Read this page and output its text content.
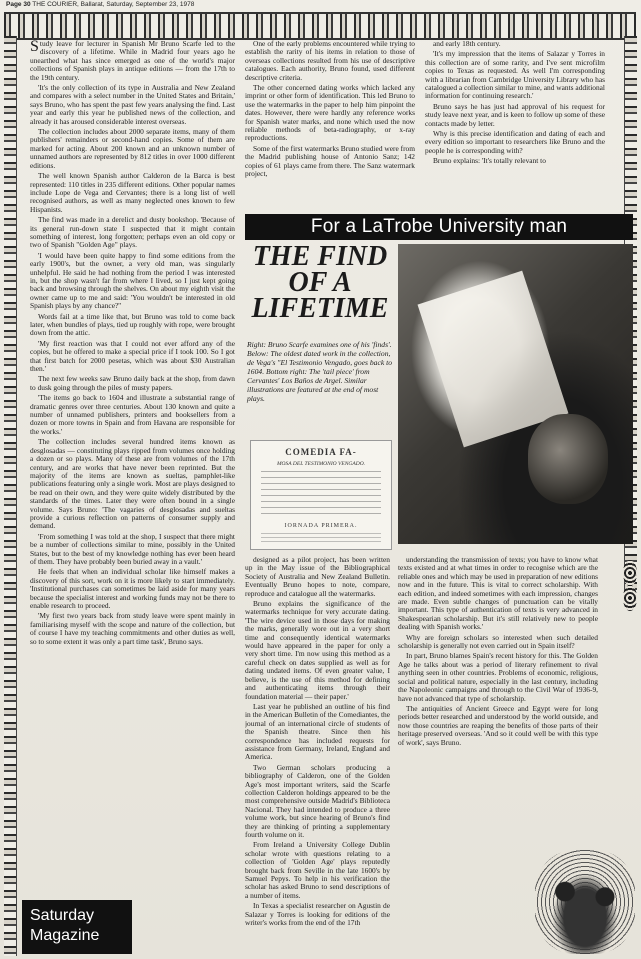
Page 30 THE COURIER, Ballarat, Saturday, September 23, 1978

Study leave for lecturer in Spanish Mr Bruno Scarfe led to the discovery of a lifetime. While in Madrid four years ago he unearthed what has since emerged as one of the world's major collections of Spanish plays in antique editions — from the 17th to the 19th century.

'It's the only collection of its type in Australia and New Zealand and compares with a select number in the United States and Britain,' says Bruno, who has spent the past few years analysing the find. Last year and early this year he published news of the collection, and already it has aroused considerable interest overseas.

The collection includes about 2000 separate items, many of them publishers' remainders or second-hand copies. Some of them are marked for acting. About 200 known and an unknown number of unnamed authors are represented by 812 titles in over 1000 different editions.

The well known Spanish author Calderon de la Barca is best represented: 110 titles in 235 different editions. Other popular names include Lope de Vega and Cervantes; there is a long list of well recognised authors, as well as many neglected ones known to few Hispanists.

The find was made in a derelict and dusty bookshop. 'Because of its general run-down state I suspected that it might contain something of interest, long forgotten; perhaps even an old copy or two of Spanish "Golden Age" plays.

'I would have been quite happy to find some editions from the early 1900's, but the owner, a very old man, was singularly unhelpful. He said he had nothing from the period I was interested in, but the shop wasn't far from where I lived, so I just kept going back and browsing through the shelves. On about my eighth visit the owner came up to me and said: 'You wouldn't be interested in old Spanish plays by any chance?''

Words fail at a time like that, but Bruno was told to come back later, when bundles of plays, tied up roughly with rope, were brought down from the attic.

'My first reaction was that I could not ever afford any of the copies, but he offered to make a special price if I took 100. So I got that first batch for 2000 pesetas, which was about $30 Australian then.'

The next few weeks saw Bruno daily back at the shop, from dawn to dusk going through the piles of musty papers.

'The items go back to 1604 and illustrate a substantial range of dramatic genres over three centuries. About 130 known and quite a number of unnamed publishers, printers and booksellers from a dozen or more towns in Spain and from Havana are responsible for the works.'

The collection includes several hundred items known as desglosadas — constituting plays ripped from volumes once holding a dozen or so plays. Many of these are from volumes of the 17th century, and are works that have never been reprinted. But the majority of the items are known as sueltas, pamphlet-like publications featuring only a single work. Most are plays designed to be read on their own, and they were quite widely distributed by the standards of the times. Later they were often bound in a single volume. Says Bruno: 'The vagaries of desglosadas and sueltas provide a curious reflection on patterns of consumer supply and demand.

'From something I was told at the shop, I suspect that there might be a number of collections similar to mine, possibly in the United States, but to the best of my knowledge nothing has ever been heard of them. They have probably been buried away in a vault.'

He feels that when an individual scholar like himself makes a discovery of this sort, work on it is more likely to start immediately. 'Institutional purchases can sometimes be laid aside for many years because the specialist interest and working funds may not be there to enable research to proceed.

'My first two years back from study leave were spent mainly in familiarising myself with the scope and nature of the collection, but of course I have my teaching commitments and other duties as well, so to some extent it was only a part time task', Bruno says.

One of the early problems encountered while trying to establish the rarity of his items in relation to those of overseas collections resulted from his use of descriptive catalogues. Each authority, Bruno found, used different descriptive criteria.

The other concerned dating works which lacked any imprint or other form of identification. This led Bruno to use the watermarks in the paper to help him pinpoint the dates. However, there were hardly any reference works for Spanish water marks, and none which used the now reliable methods of beta-radiography, or x-ray reproductions.

Some of the first watermarks Bruno studied were from the Madrid publishing house of Antonio Sanz; 142 copies of 61 plays came from there. The Sanz watermark project,

and early 18th century.

'It's my impression that the items of Salazar y Torres in this collection are of some rarity, and I've sent microfilm copies to Texas as requested. As well I'm corresponding with a librarian from Cambridge University Library who has catalogued a collection similar to mine, and wants additional information for continuing research.'

Bruno says he has just had approval of his request for study leave next year, and is keen to follow up some of these contacts made by letter.

Why is this precise identification and dating of each and every edition so important to researchers like Bruno and the people he is corresponding with?

Bruno explains: 'It's totally relevant to

For a LaTrobe University man
THE FIND OF A LIFETIME
Right: Bruno Scarfe examines one of his 'finds'. Below: The oldest dated work in the collection, de Vega's "El Testimonio Vengado, goes back to 1604. Bottom right: The 'tail piece' from Cervantes' Los Baños de Argel. Similar illustrations are featured at the end of most plays.
COMEDIA FA-
MOSA DEL TESTIMONIO VENGADO.
IORNADA PRIMERA.

designed as a pilot project, has been written up in the May issue of the Bibliographical Society of Australia and New Zealand Bulletin. Eventually Bruno hopes to note, compare, reproduce and catalogue all the watermarks.

Bruno explains the significance of the watermarks technique for very accurate dating. 'The wire device used in those days for making the marks, generally wore out in a very short time and consequently identical watermarks would have appeared in the paper for only a very short time. I'm now using this method as a careful check on dates supplied as well as for dating undated items. Of even greater value, I believe, is the use of this method for defining and authenticating items through their foundation material — their paper.'

Last year he published an outline of his find in the American Bulletin of the Comediantes, the journal of an international circle of students of the Spanish theatre. Since then his correspondence has included requests for assistance from Germany, Ireland, England and America.

Two German scholars producing a bibliography of Calderon, one of the Golden Age's most important writers, said the Scarfe collection Calderon holdings appeared to be the most comprehensive outside Madrid's Biblioteca Nacional. They had intended to produce a three volume work, but since hearing of Bruno's find they are thinking of printing a supplementary fourth volume on it.

From Ireland a University College Dublin scholar wrote with questions relating to a collection of 'Golden Age' plays reputedly brought back from Seville in the late 1600's by Samuel Pepys. To help in his verification the scholar has asked Bruno to send descriptions of a number of items.

In Texas a specialist researcher on Agustin de Salazar y Torres is looking for editions of the writer's works from the end of the 17th

understanding the transmission of texts; you have to know what texts existed and at what times in order to recognise which are the reliable ones and which may be used in preparation of new editions now and in the future. This is vital to correct scholarship. With each edition, and indeed sometimes with each impression, changes are made. Even subtle changes of punctuation can be vitally important. This type of authentication of texts is very advanced in Shakespearian scholarship. But it's still relatively new to people dealing with Spanish works.'

Why are foreign scholars so interested when such detailed scholarship is generally not even carried out in Spain itself?

In part, Bruno blames Spain's recent history for this. The Golden Age he talks about was a period of literary refinement to rival anything seen in other countries. Problems of economic, religious, social and political nature, especially in the last century, including the Napoleonic campaigns and through to the Civil War of 1936-9, have not advanced that type of scholarship.

The antiquities of Ancient Greece and Egypt were for long periods better researched and understood by the world outside, and now those countries are reaping the benefits of those parts of their heritage preserved overseas. 'And so it could well be with this type of work', says Bruno.

Saturday Magazine
